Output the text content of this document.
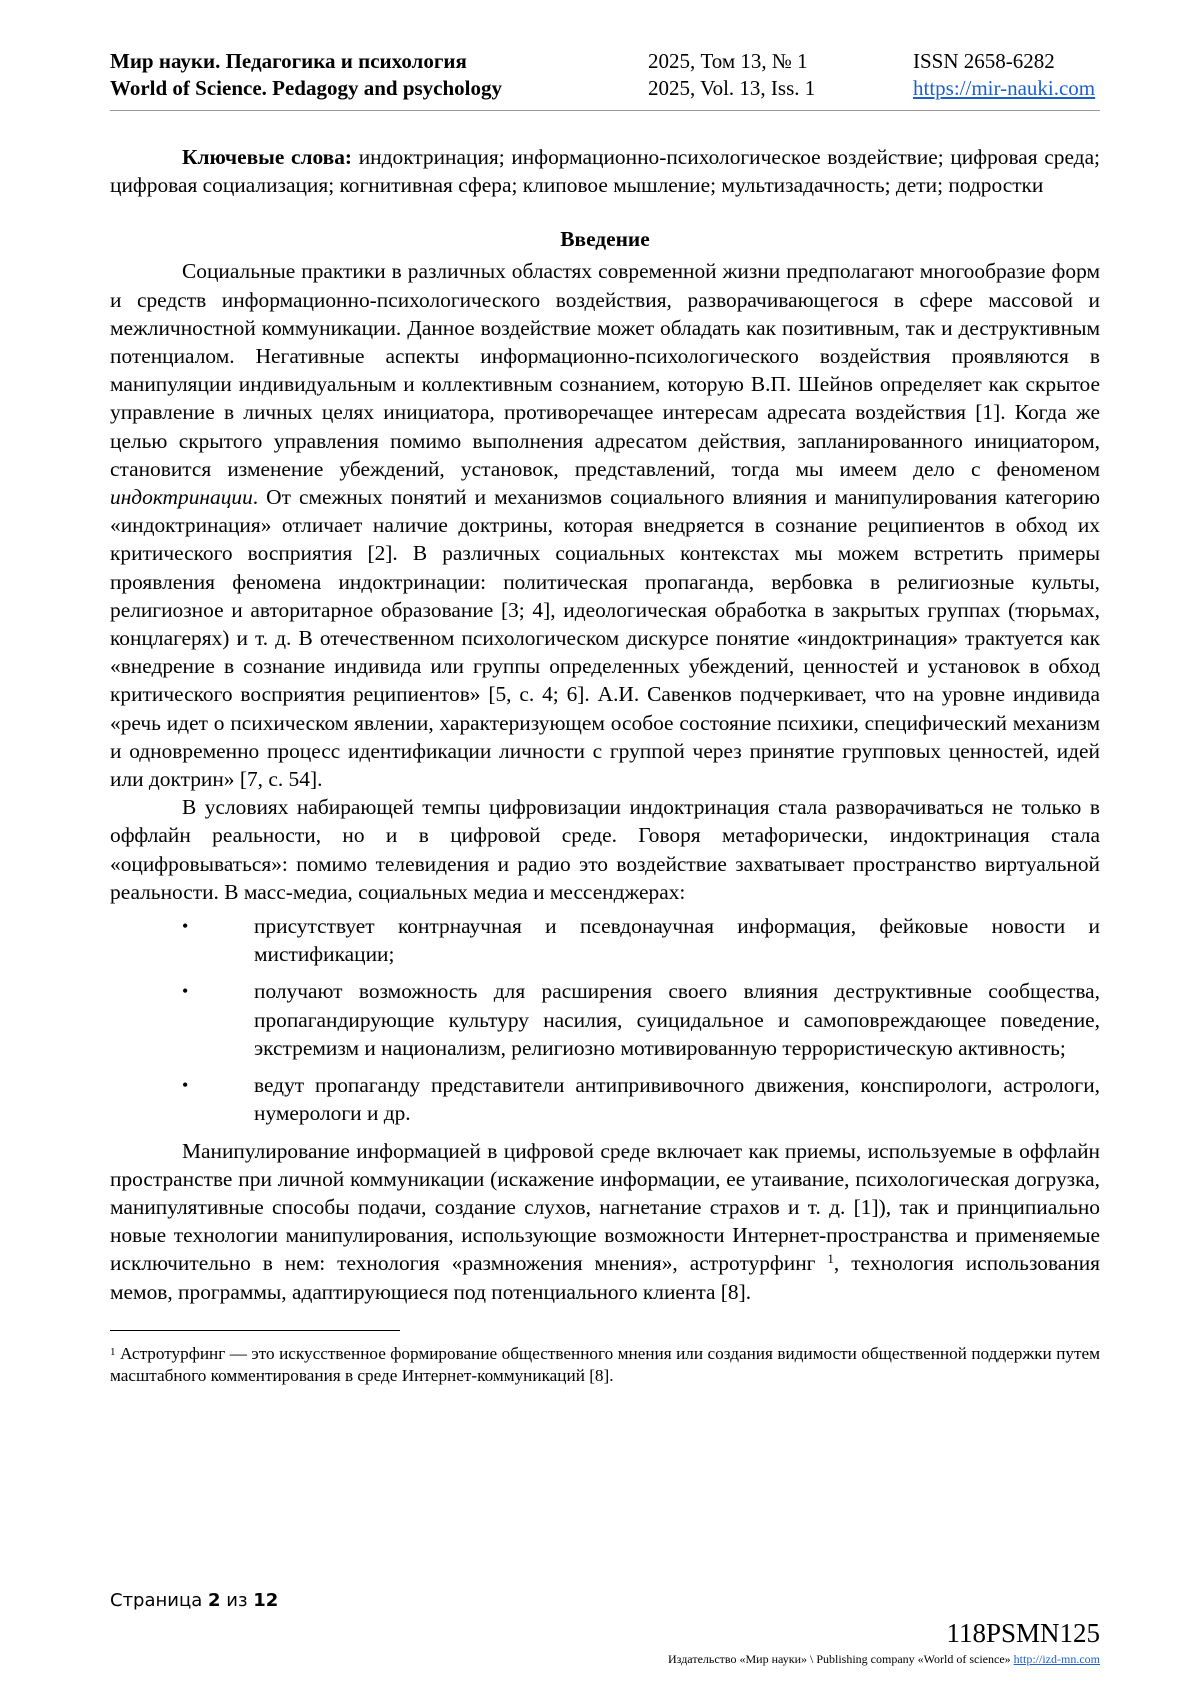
Мир науки. Педагогика и психология
World of Science. Pedagogy and psychology
2025, Том 13, № 1
2025, Vol. 13, Iss. 1
ISSN 2658-6282
https://mir-nauki.com
Ключевые слова: индоктринация; информационно-психологическое воздействие; цифровая среда; цифровая социализация; когнитивная сфера; клиповое мышление; мультизадачность; дети; подростки
Введение

Социальные практики в различных областях современной жизни предполагают многообразие форм и средств информационно-психологического воздействия, разворачивающегося в сфере массовой и межличностной коммуникации. Данное воздействие может обладать как позитивным, так и деструктивным потенциалом. Негативные аспекты информационно-психологического воздействия проявляются в манипуляции индивидуальным и коллективным сознанием, которую В.П. Шейнов определяет как скрытое управление в личных целях инициатора, противоречащее интересам адресата воздействия [1]. Когда же целью скрытого управления помимо выполнения адресатом действия, запланированного инициатором, становится изменение убеждений, установок, представлений, тогда мы имеем дело с феноменом индоктринации. От смежных понятий и механизмов социального влияния и манипулирования категорию «индоктринация» отличает наличие доктрины, которая внедряется в сознание реципиентов в обход их критического восприятия [2]. В различных социальных контекстах мы можем встретить примеры проявления феномена индоктринации: политическая пропаганда, вербовка в религиозные культы, религиозное и авторитарное образование [3; 4], идеологическая обработка в закрытых группах (тюрьмах, концлагерях) и т. д. В отечественном психологическом дискурсе понятие «индоктринация» трактуется как «внедрение в сознание индивида или группы определенных убеждений, ценностей и установок в обход критического восприятия реципиентов» [5, с. 4; 6]. А.И. Савенков подчеркивает, что на уровне индивида «речь идет о психическом явлении, характеризующем особое состояние психики, специфический механизм и одновременно процесс идентификации личности с группой через принятие групповых ценностей, идей или доктрин» [7, с. 54].

В условиях набирающей темпы цифровизации индоктринация стала разворачиваться не только в оффлайн реальности, но и в цифровой среде. Говоря метафорически, индоктринация стала «оцифровываться»: помимо телевидения и радио это воздействие захватывает пространство виртуальной реальности. В масс-медиа, социальных медиа и мессенджерах:

•	присутствует контрнаучная и псевдонаучная информация, фейковые новости и мистификации;
•	получают возможность для расширения своего влияния деструктивные сообщества, пропагандирующие культуру насилия, суицидальное и самоповреждающее поведение, экстремизм и национализм, религиозно мотивированную террористическую активность;
•	ведут пропаганду представители антипрививочного движения, конспирологи, астрологи, нумерологи и др.

Манипулирование информацией в цифровой среде включает как приемы, используемые в оффлайн пространстве при личной коммуникации (искажение информации, ее утаивание, психологическая догрузка, манипулятивные способы подачи, создание слухов, нагнетание страхов и т. д. [1]), так и принципиально новые технологии манипулирования, использующие возможности Интернет-пространства и применяемые исключительно в нем: технология «размножения мнения», астротурфинг $^1$, технология использования мемов, программы, адаптирующиеся под потенциального клиента [8].

$^1$ Астротурфинг — это искусственное формирование общественного мнения или создания видимости общественной поддержки путем масштабного комментирования в среде Интернет-коммуникаций [8].
Страница 2 из 12
118PSMN125
Издательство «Мир науки» \ Publishing company «World of science» http://izd-mn.com
